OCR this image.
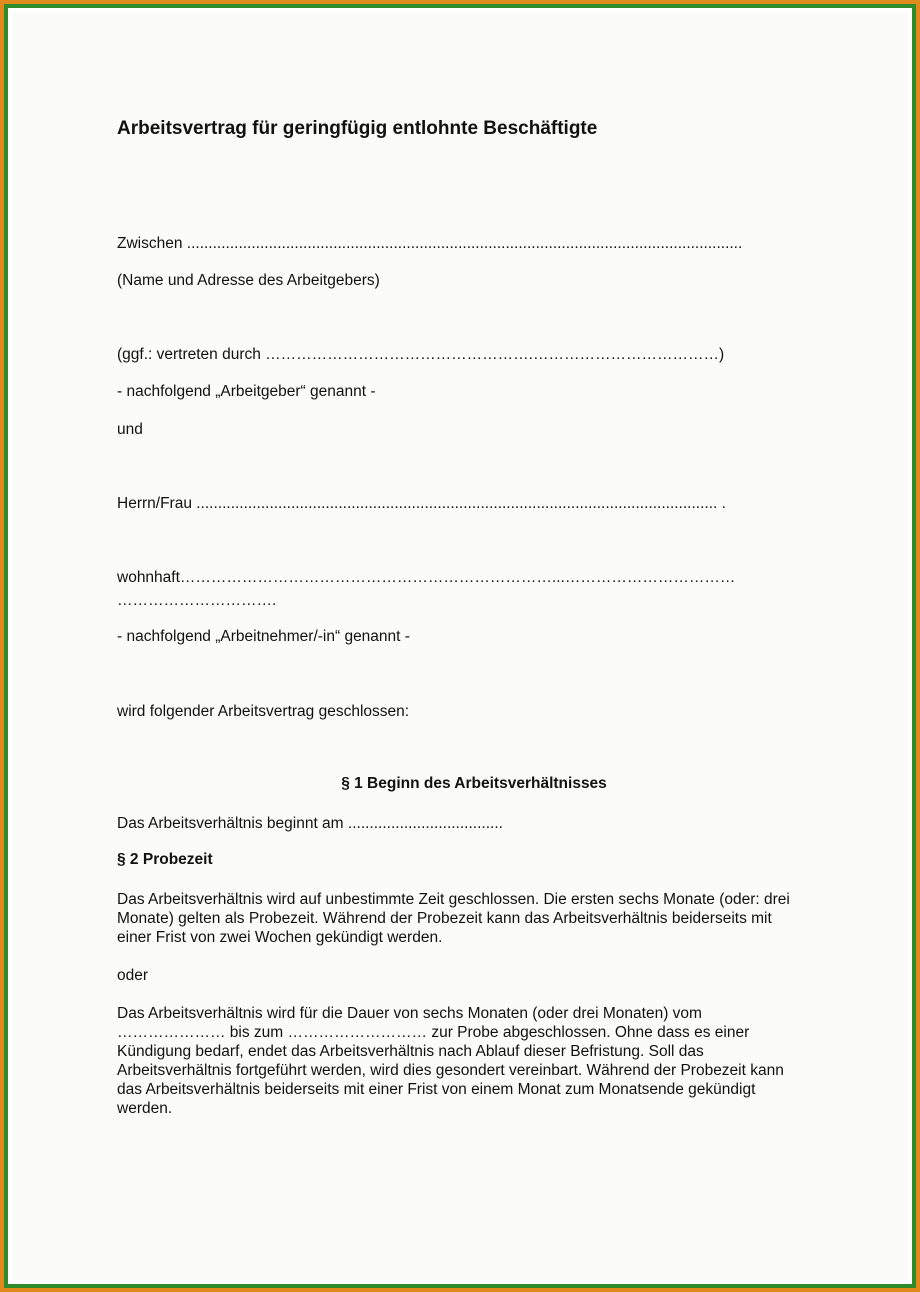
Arbeitsvertrag für geringfügig entlohnte Beschäftigte

Zwischen .................................................................................................................................

(Name und Adresse des Arbeitgebers)

(ggf.: vertreten durch …………………………………………….………………………………)

- nachfolgend „Arbeitgeber“ genannt -

und

Herrn/Frau ......................................................................................................................... .

wohnhaft………………………………………………………………...……………………………

………………………….

- nachfolgend „Arbeitnehmer/-in“ genannt -

wird folgender Arbeitsvertrag geschlossen:

§ 1 Beginn des Arbeitsverhältnisses

Das Arbeitsverhältnis beginnt am ....................................

§ 2 Probezeit

Das Arbeitsverhältnis wird auf unbestimmte Zeit geschlossen. Die ersten sechs Monate (oder: drei Monate) gelten als Probezeit. Während der Probezeit kann das Arbeitsverhältnis beiderseits mit einer Frist von zwei Wochen gekündigt werden.

oder

Das Arbeitsverhältnis wird für die Dauer von sechs Monaten (oder drei Monaten) vom ………………… bis zum ……………………… zur Probe abgeschlossen. Ohne dass es einer Kündigung bedarf, endet das Arbeitsverhältnis nach Ablauf dieser Befristung. Soll das Arbeitsverhältnis fortgeführt werden, wird dies gesondert vereinbart. Während der Probezeit kann das Arbeitsverhältnis beiderseits mit einer Frist von einem Monat zum Monatsende gekündigt werden.
